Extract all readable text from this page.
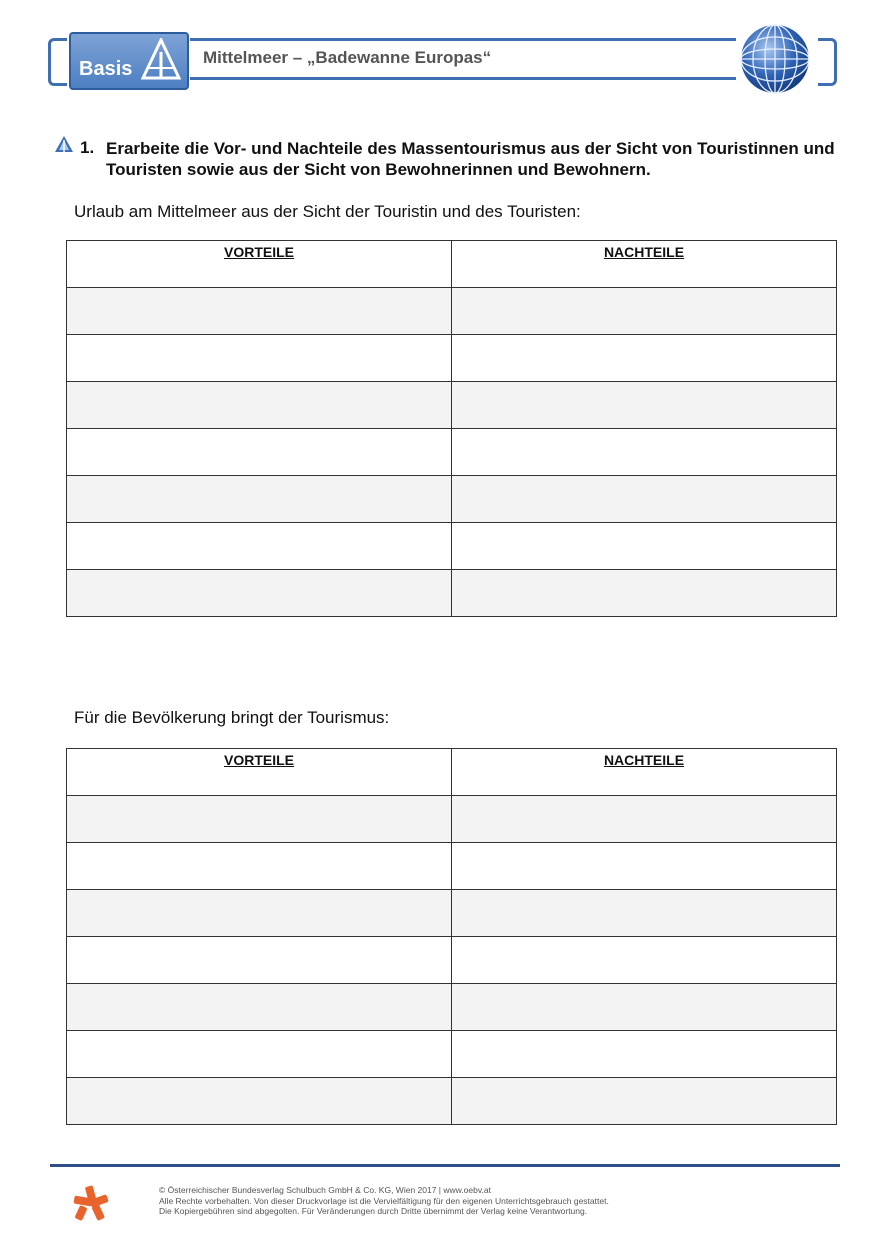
Basis
Mittelmeer – „Badewanne Europas“
1. Erarbeite die Vor- und Nachteile des Massentourismus aus der Sicht von Touristinnen und Touristen sowie aus der Sicht von Bewohnerinnen und Bewohnern.
Urlaub am Mittelmeer aus der Sicht der Touristin und des Touristen:
VORTEILE	NACHTEILE

Für die Bevölkerung bringt der Tourismus:
VORTEILE	NACHTEILE

© Österreichischer Bundesverlag Schulbuch GmbH & Co. KG, Wien 2017 | www.oebv.at
Alle Rechte vorbehalten. Von dieser Druckvorlage ist die Vervielfältigung für den eigenen Unterrichtsgebrauch gestattet.
Die Kopiergebühren sind abgegolten. Für Veränderungen durch Dritte übernimmt der Verlag keine Verantwortung.
